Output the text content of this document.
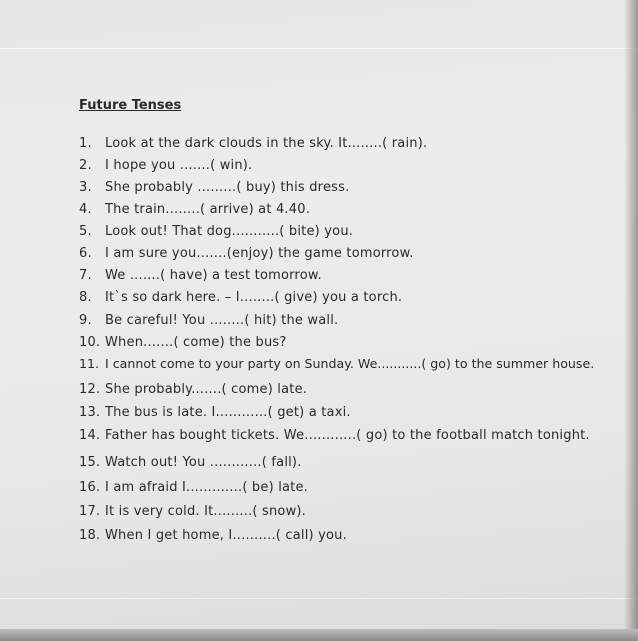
Future Tenses
1. Look at the dark clouds in the sky. It........( rain).
2. I hope you .......( win).
3. She probably .........( buy) this dress.
4. The train........( arrive) at 4.40.
5. Look out! That dog...........( bite) you.
6. I am sure you.......(enjoy) the game tomorrow.
7. We .......( have) a test tomorrow.
8. It`s so dark here. – I........( give) you a torch.
9. Be careful! You ........( hit) the wall.
10. When.......( come) the bus?
11. I cannot come to your party on Sunday. We...........( go) to the summer house.
12. She probably.......( come) late.
13. The bus is late. I............( get) a taxi.
14. Father has bought tickets. We............( go) to the football match tonight.
15. Watch out! You ............( fall).
16. I am afraid I.............( be) late.
17. It is very cold. It.........( snow).
18. When I get home, I..........( call) you.
